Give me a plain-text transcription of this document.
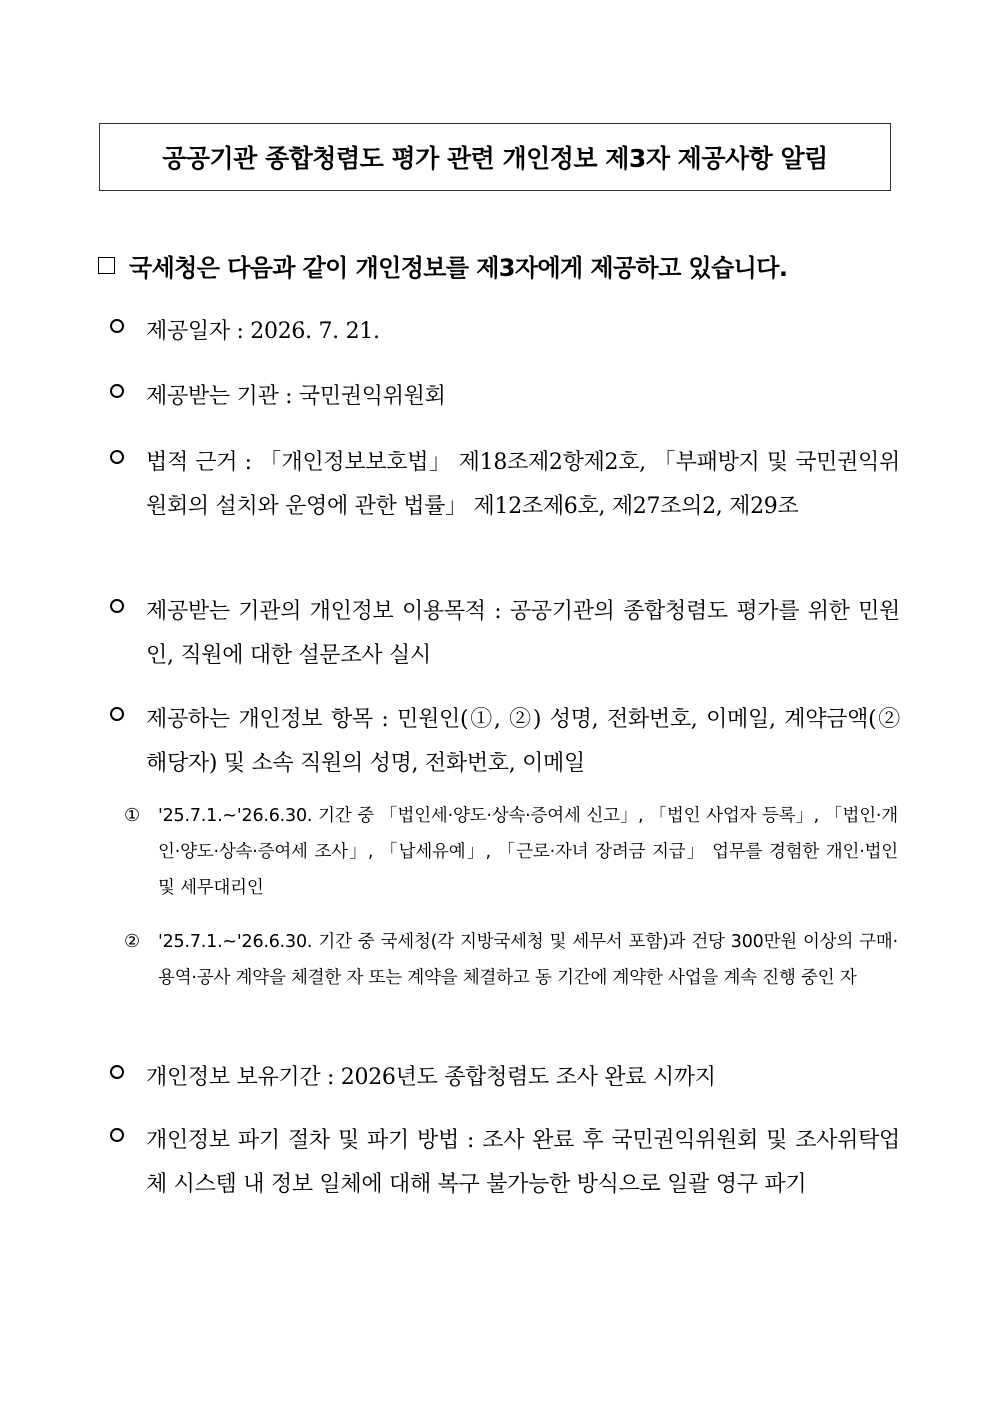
공공기관 종합청렴도 평가 관련 개인정보 제3자 제공사항 알림
국세청은 다음과 같이 개인정보를 제3자에게 제공하고 있습니다.
제공일자 : 2026. 7. 21.
제공받는 기관 : 국민권익위원회
법적 근거 : 「개인정보보호법」 제18조제2항제2호, 「부패방지 및 국민권익위원회의 설치와 운영에 관한 법률」 제12조제6호, 제27조의2, 제29조
제공받는 기관의 개인정보 이용목적 : 공공기관의 종합청렴도 평가를 위한 민원인, 직원에 대한 설문조사 실시
제공하는 개인정보 항목 : 민원인(①, ②) 성명, 전화번호, 이메일, 계약금액(② 해당자) 및 소속 직원의 성명, 전화번호, 이메일
① '25.7.1.~'26.6.30. 기간 중 「법인세·양도·상속·증여세 신고」, 「법인 사업자 등록」, 「법인·개인·양도·상속·증여세 조사」, 「납세유예」, 「근로·자녀 장려금 지급」 업무를 경험한 개인·법인 및 세무대리인
② '25.7.1.~'26.6.30. 기간 중 국세청(각 지방국세청 및 세무서 포함)과 건당 300만원 이상의 구매·용역·공사 계약을 체결한 자 또는 계약을 체결하고 동 기간에 계약한 사업을 계속 진행 중인 자
개인정보 보유기간 : 2026년도 종합청렴도 조사 완료 시까지
개인정보 파기 절차 및 파기 방법 : 조사 완료 후 국민권익위원회 및 조사위탁업체 시스템 내 정보 일체에 대해 복구 불가능한 방식으로 일괄 영구 파기
